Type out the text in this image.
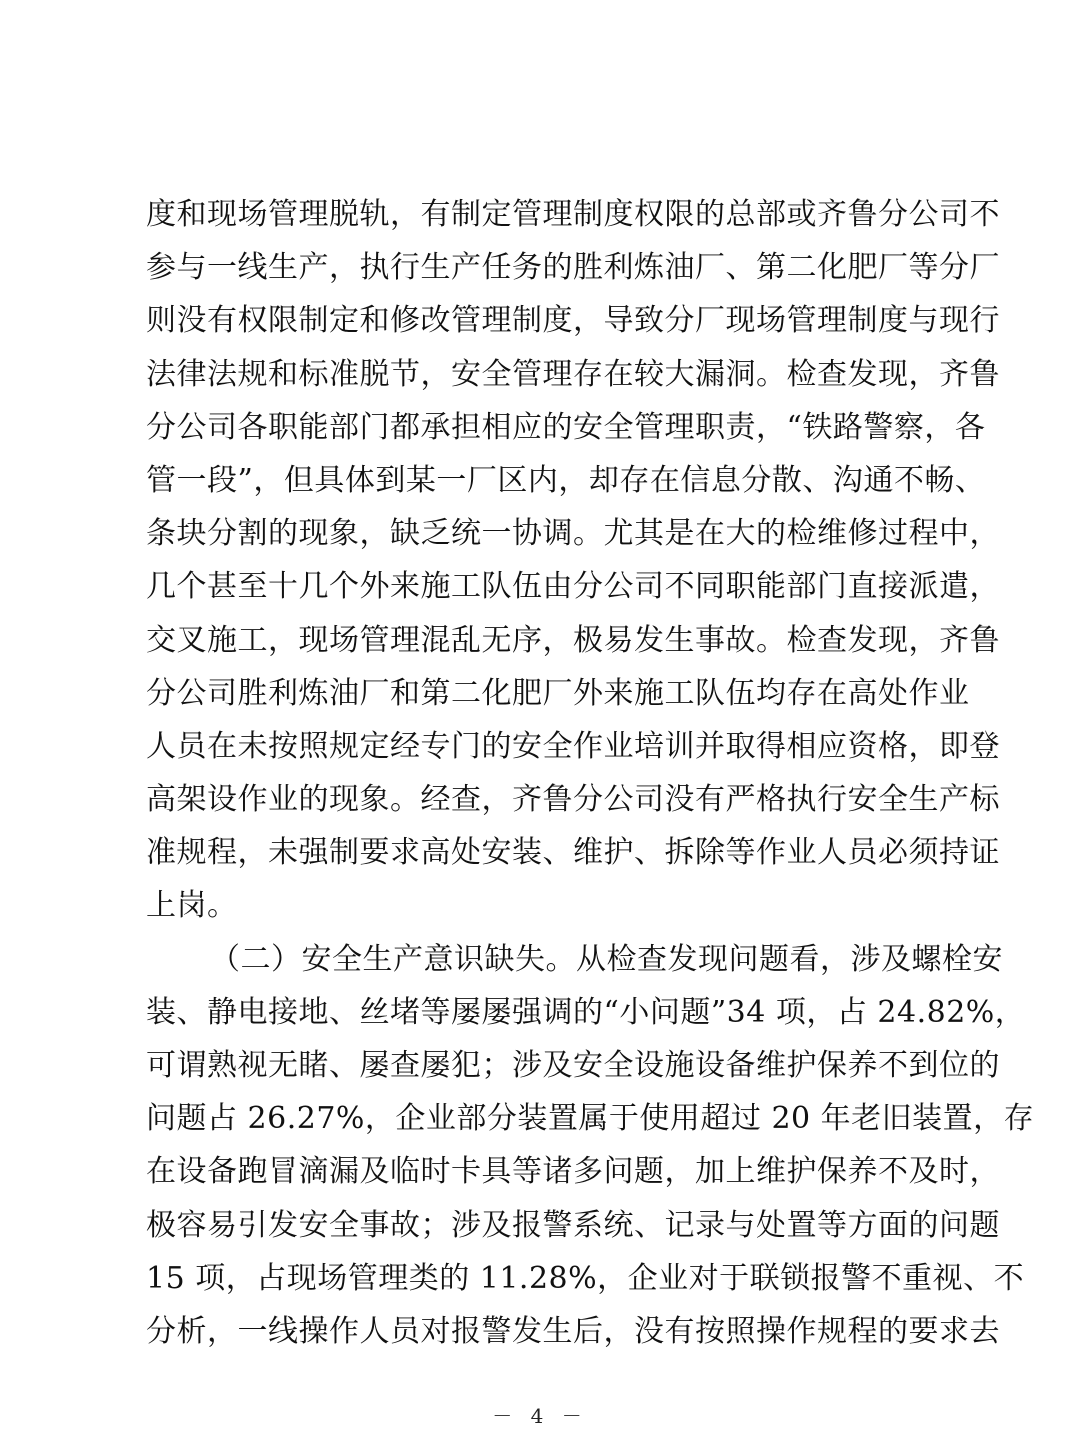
度和现场管理脱轨，有制定管理制度权限的总部或齐鲁分公司不
参与一线生产，执行生产任务的胜利炼油厂、第二化肥厂等分厂
则没有权限制定和修改管理制度，导致分厂现场管理制度与现行
法律法规和标准脱节，安全管理存在较大漏洞。检查发现，齐鲁
分公司各职能部门都承担相应的安全管理职责，“铁路警察，各
管一段”，但具体到某一厂区内，却存在信息分散、沟通不畅、
条块分割的现象，缺乏统一协调。尤其是在大的检维修过程中，
几个甚至十几个外来施工队伍由分公司不同职能部门直接派遣，
交叉施工，现场管理混乱无序，极易发生事故。检查发现，齐鲁
分公司胜利炼油厂和第二化肥厂外来施工队伍均存在高处作业
人员在未按照规定经专门的安全作业培训并取得相应资格，即登
高架设作业的现象。经查，齐鲁分公司没有严格执行安全生产标
准规程，未强制要求高处安装、维护、拆除等作业人员必须持证
上岗。
（二）安全生产意识缺失。从检查发现问题看，涉及螺栓安
装、静电接地、丝堵等屡屡强调的“小问题”34 项，占 24.82%，
可谓熟视无睹、屡查屡犯；涉及安全设施设备维护保养不到位的
问题占 26.27%，企业部分装置属于使用超过 20 年老旧装置，存
在设备跑冒滴漏及临时卡具等诸多问题，加上维护保养不及时，
极容易引发安全事故；涉及报警系统、记录与处置等方面的问题
15 项，占现场管理类的 11.28%，企业对于联锁报警不重视、不
分析，一线操作人员对报警发生后，没有按照操作规程的要求去
－ 4 －
